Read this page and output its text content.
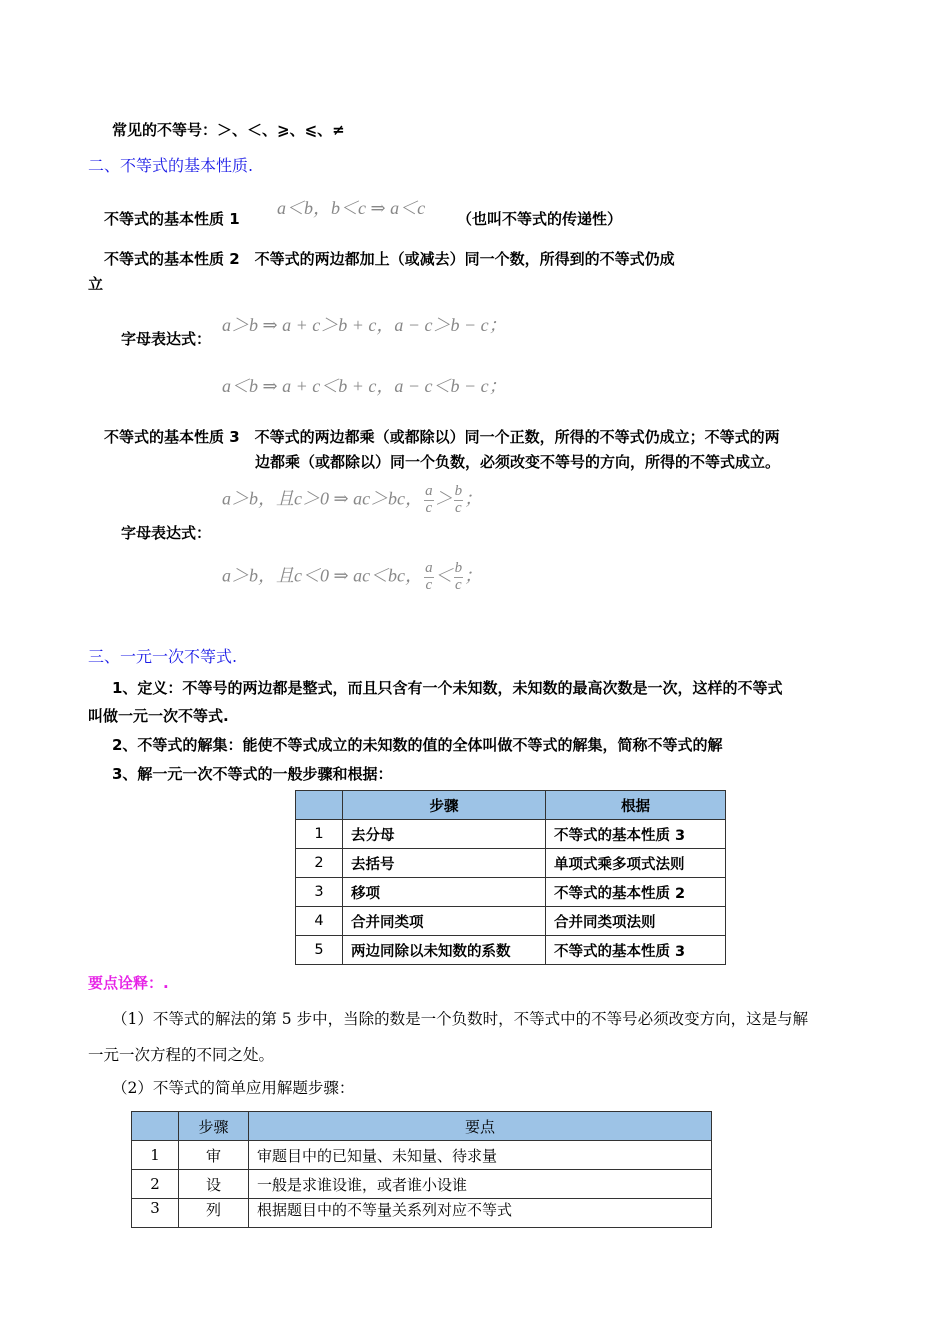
常见的不等号：＞、＜、⩾、⩽、≠
二、不等式的基本性质.
不等式的基本性质 1
a＜b，b＜c ⇒ a＜c
（也叫不等式的传递性）
不等式的基本性质 2　不等式的两边都加上（或减去）同一个数，所得到的不等式仍成
立
a＞b ⇒ a + c＞b + c，a − c＞b − c；
字母表达式：
a＜b ⇒ a + c＜b + c，a − c＜b − c；
不等式的基本性质 3　不等式的两边都乘（或都除以）同一个正数，所得的不等式仍成立；不等式的两
边都乘（或都除以）同一个负数，必须改变不等号的方向，所得的不等式成立。
a＞b，且c＞0 ⇒ ac＞bc， $\frac{a}{c} > \frac{b}{c}$ ；
字母表达式：
a＞b，且c＜0 ⇒ ac＜bc， $\frac{a}{c} < \frac{b}{c}$ ；
三、一元一次不等式.
1、定义：不等号的两边都是整式，而且只含有一个未知数，未知数的最高次数是一次，这样的不等式
叫做一元一次不等式.
2、不等式的解集：能使不等式成立的未知数的值的全体叫做不等式的解集，简称不等式的解
3、解一元一次不等式的一般步骤和根据：
	步骤	根据
1	去分母	不等式的基本性质 3
2	去括号	单项式乘多项式法则
3	移项	不等式的基本性质 2
4	合并同类项	合并同类项法则
5	两边同除以未知数的系数	不等式的基本性质 3
要点诠释：.
（1）不等式的解法的第 5 步中，当除的数是一个负数时，不等式中的不等号必须改变方向，这是与解
一元一次方程的不同之处。
（2）不等式的简单应用解题步骤：
	步骤	要点
1	审	审题目中的已知量、未知量、待求量
2	设	一般是求谁设谁，或者谁小设谁
3	列	根据题目中的不等量关系列对应不等式
